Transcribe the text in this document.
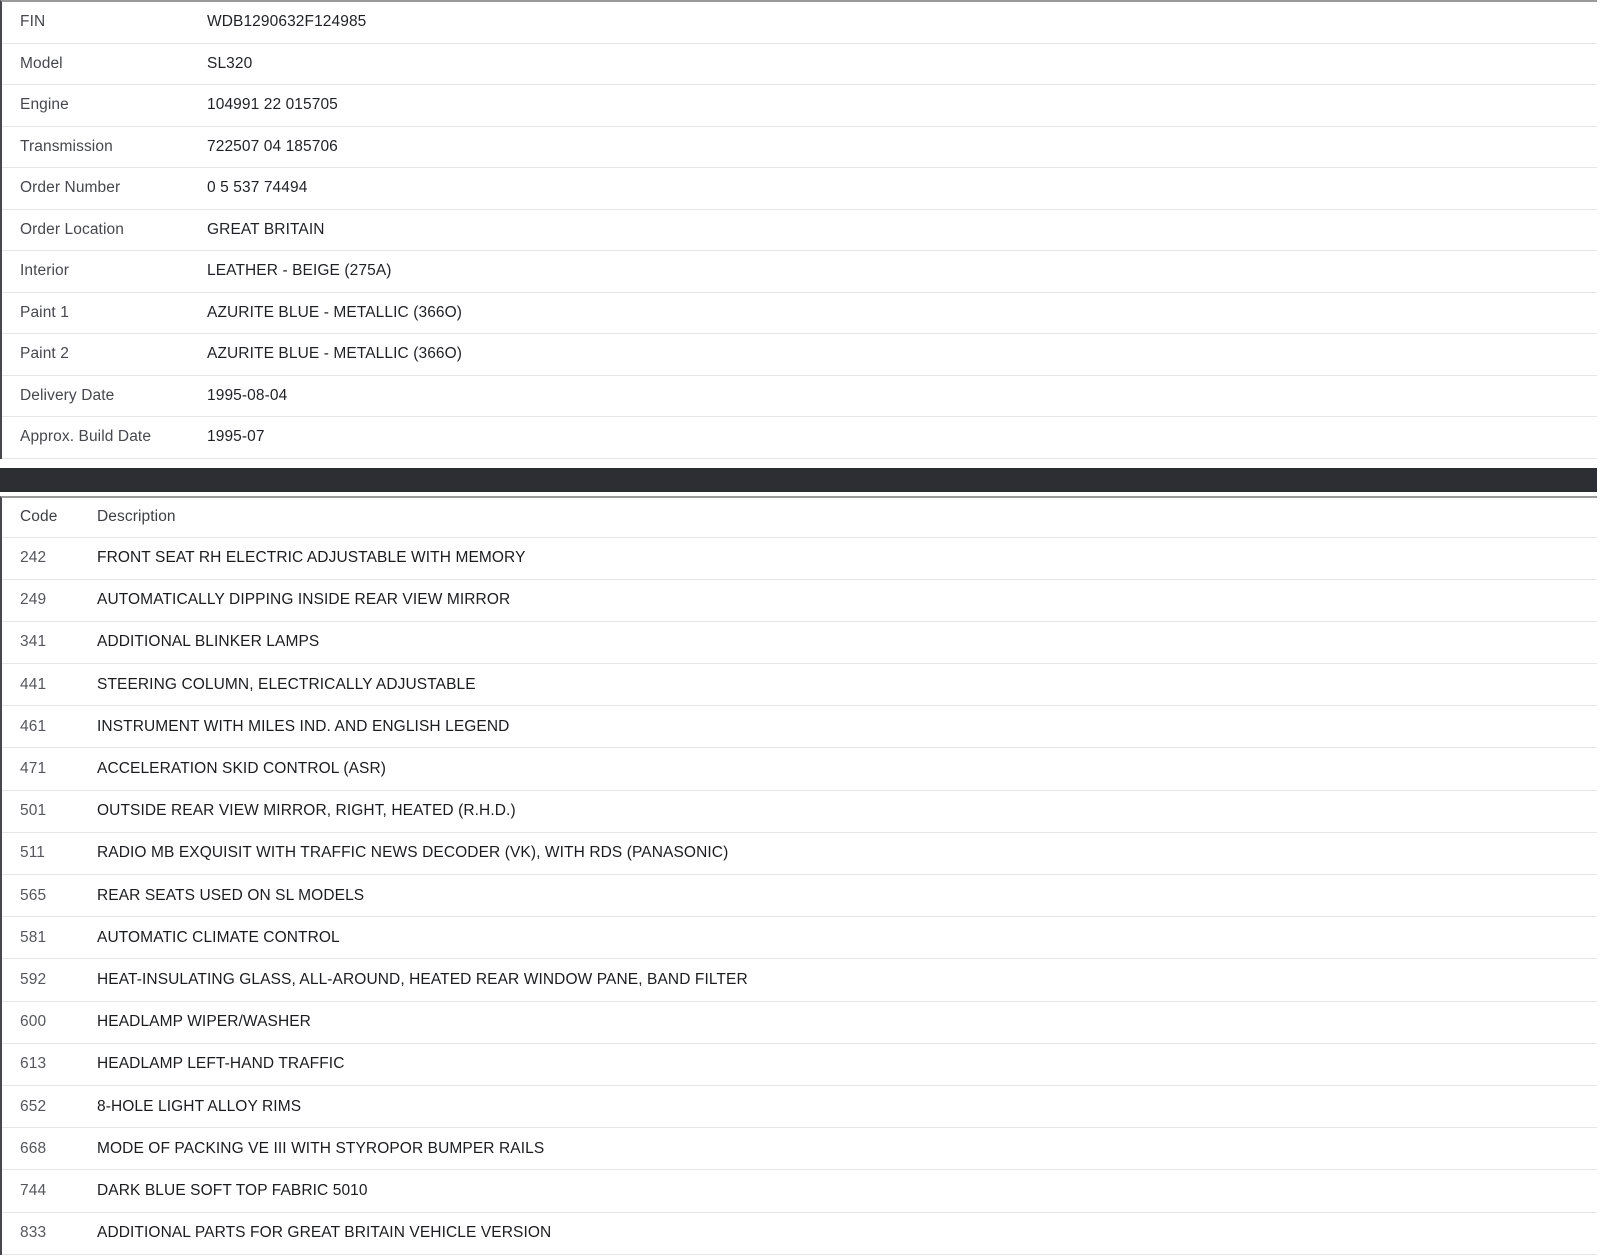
FIN	WDB1290632F124985
Model	SL320
Engine	104991 22 015705
Transmission	722507 04 185706
Order Number	0 5 537 74494
Order Location	GREAT BRITAIN
Interior	LEATHER - BEIGE (275A)
Paint 1	AZURITE BLUE - METALLIC (366O)
Paint 2	AZURITE BLUE - METALLIC (366O)
Delivery Date	1995-08-04
Approx. Build Date	1995-07
Code	Description
242	FRONT SEAT RH ELECTRIC ADJUSTABLE WITH MEMORY
249	AUTOMATICALLY DIPPING INSIDE REAR VIEW MIRROR
341	ADDITIONAL BLINKER LAMPS
441	STEERING COLUMN, ELECTRICALLY ADJUSTABLE
461	INSTRUMENT WITH MILES IND. AND ENGLISH LEGEND
471	ACCELERATION SKID CONTROL (ASR)
501	OUTSIDE REAR VIEW MIRROR, RIGHT, HEATED (R.H.D.)
511	RADIO MB EXQUISIT WITH TRAFFIC NEWS DECODER (VK), WITH RDS (PANASONIC)
565	REAR SEATS USED ON SL MODELS
581	AUTOMATIC CLIMATE CONTROL
592	HEAT-INSULATING GLASS, ALL-AROUND, HEATED REAR WINDOW PANE, BAND FILTER
600	HEADLAMP WIPER/WASHER
613	HEADLAMP LEFT-HAND TRAFFIC
652	8-HOLE LIGHT ALLOY RIMS
668	MODE OF PACKING VE III WITH STYROPOR BUMPER RAILS
744	DARK BLUE SOFT TOP FABRIC 5010
833	ADDITIONAL PARTS FOR GREAT BRITAIN VEHICLE VERSION
